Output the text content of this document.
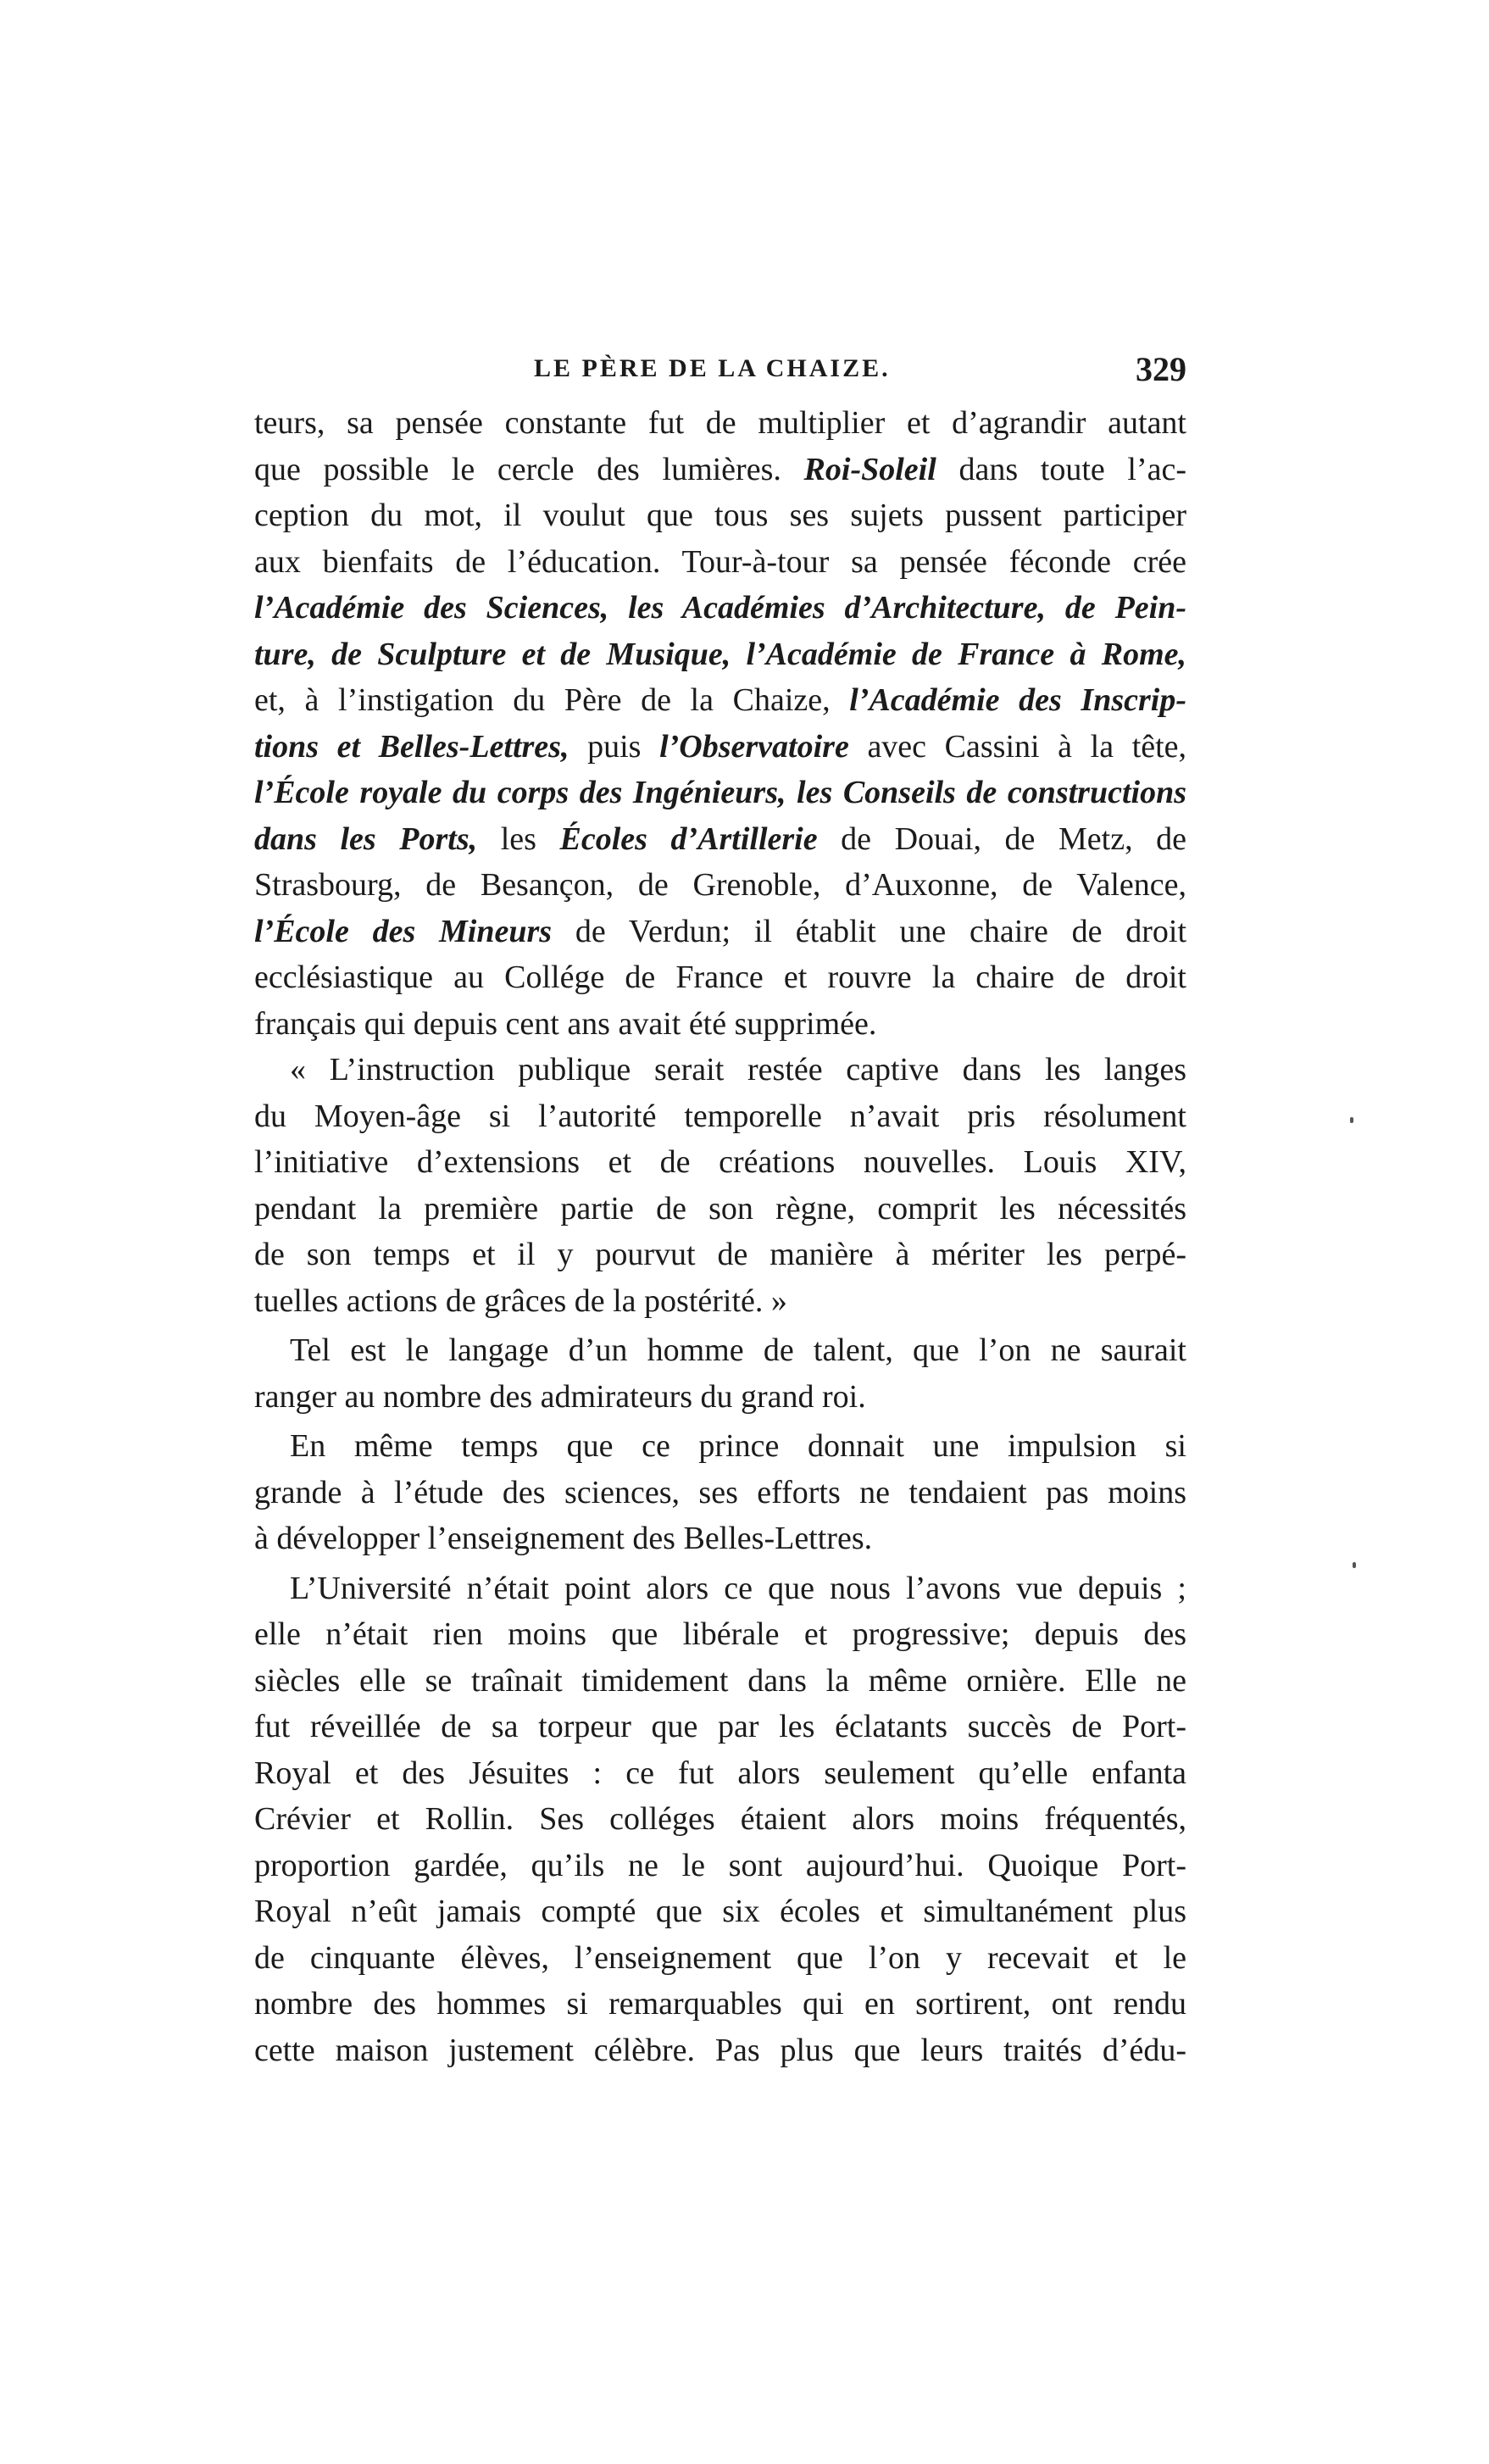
LE PÈRE DE LA CHAIZE.	329
teurs, sa pensée constante fut de multiplier et d’agrandir autant
que possible le cercle des lumières. Roi-Soleil dans toute l’ac-
ception du mot, il voulut que tous ses sujets pussent participer
aux bienfaits de l’éducation. Tour-à-tour sa pensée féconde crée
l’Académie des Sciences, les Académies d’Architecture, de Pein-
ture, de Sculpture et de Musique, l’Académie de France à Rome,
et, à l’instigation du Père de la Chaize, l’Académie des Inscrip-
tions et Belles-Lettres, puis l’Observatoire avec Cassini à la tête,
l’École royale du corps des Ingénieurs, les Conseils de constructions
dans les Ports, les Écoles d’Artillerie de Douai, de Metz, de
Strasbourg, de Besançon, de Grenoble, d’Auxonne, de Valence,
l’École des Mineurs de Verdun; il établit une chaire de droit
ecclésiastique au Collége de France et rouvre la chaire de droit
français qui depuis cent ans avait été supprimée.
« L’instruction publique serait restée captive dans les langes
du Moyen-âge si l’autorité temporelle n’avait pris résolument
l’initiative d’extensions et de créations nouvelles. Louis XIV,
pendant la première partie de son règne, comprit les nécessités
de son temps et il y pourvut de manière à mériter les perpé-
tuelles actions de grâces de la postérité. »
Tel est le langage d’un homme de talent, que l’on ne saurait
ranger au nombre des admirateurs du grand roi.
En même temps que ce prince donnait une impulsion si
grande à l’étude des sciences, ses efforts ne tendaient pas moins
à développer l’enseignement des Belles-Lettres.
L’Université n’était point alors ce que nous l’avons vue depuis ;
elle n’était rien moins que libérale et progressive; depuis des
siècles elle se traînait timidement dans la même ornière. Elle ne
fut réveillée de sa torpeur que par les éclatants succès de Port-
Royal et des Jésuites : ce fut alors seulement qu’elle enfanta
Crévier et Rollin. Ses colléges étaient alors moins fréquentés,
proportion gardée, qu’ils ne le sont aujourd’hui. Quoique Port-
Royal n’eût jamais compté que six écoles et simultanément plus
de cinquante élèves, l’enseignement que l’on y recevait et le
nombre des hommes si remarquables qui en sortirent, ont rendu
cette maison justement célèbre. Pas plus que leurs traités d’édu-
